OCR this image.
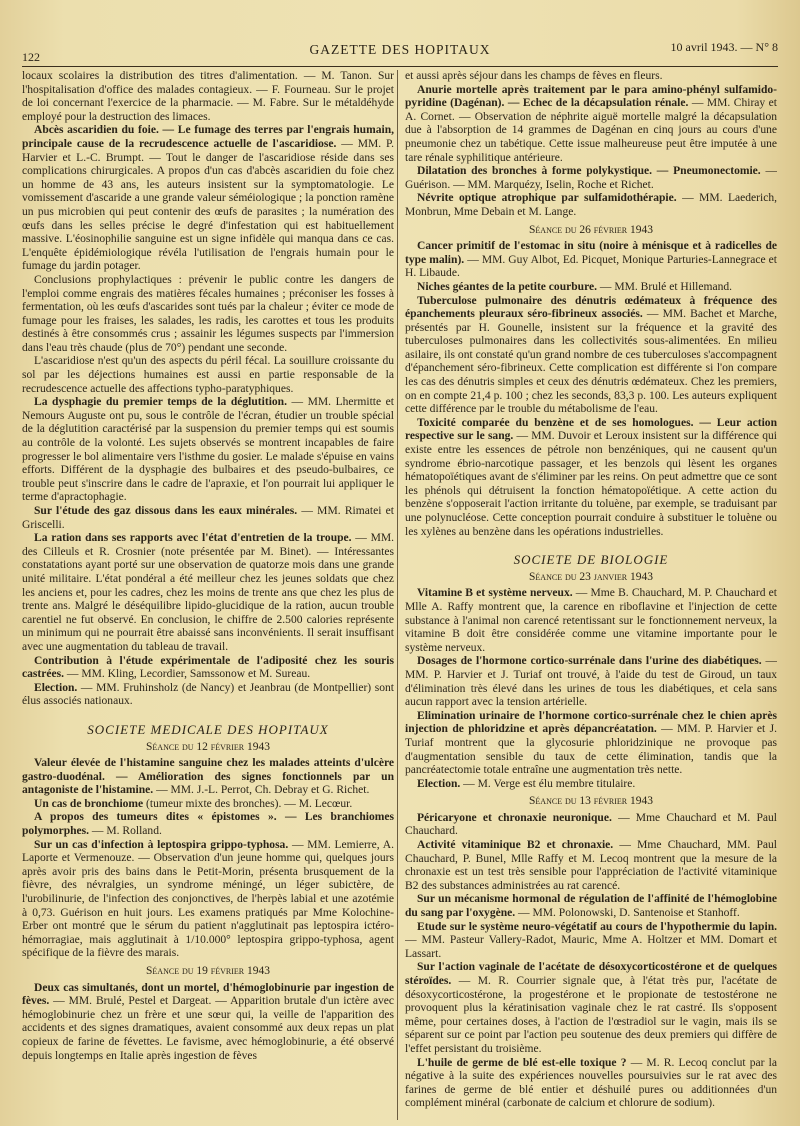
122	GAZETTE DES HOPITAUX	10 avril 1943. — N° 8

locaux scolaires la distribution des titres d'alimentation. — M. Tanon. Sur l'hospitalisation d'office des malades contagieux. — F. Fourneau. Sur le projet de loi concernant l'exercice de la pharmacie. — M. Fabre. Sur le métaldéhyde employé pour la destruction des limaces.

Abcès ascaridien du foie. — Le fumage des terres par l'engrais humain, principale cause de la recrudescence actuelle de l'ascaridiose. — MM. P. Harvier et L.-C. Brumpt. — Tout le danger de l'ascaridiose réside dans ses complications chirurgicales. A propos d'un cas d'abcès ascaridien du foie chez un homme de 43 ans, les auteurs insistent sur la symptomatologie. Le vomissement d'ascaride a une grande valeur séméiologique ; la ponction ramène un pus microbien qui peut contenir des œufs de parasites ; la numération des œufs dans les selles précise le degré d'infestation qui est habituellement massive. L'éosinophilie sanguine est un signe infidèle qui manqua dans ce cas. L'enquête épidémiologique révéla l'utilisation de l'engrais humain pour le fumage du jardin potager.

Conclusions prophylactiques : prévenir le public contre les dangers de l'emploi comme engrais des matières fécales humaines ; préconiser les fosses à fermentation, où les œufs d'ascarides sont tués par la chaleur ; éviter ce mode de fumage pour les fraises, les salades, les radis, les carottes et tous les produits destinés à être consommés crus ; assainir les légumes suspects par l'immersion dans l'eau très chaude (plus de 70°) pendant une seconde.

L'ascaridiose n'est qu'un des aspects du péril fécal. La souillure croissante du sol par les déjections humaines est aussi en partie responsable de la recrudescence actuelle des affections typho-paratyphiques.

La dysphagie du premier temps de la déglutition. — MM. Lhermitte et Nemours Auguste ont pu, sous le contrôle de l'écran, étudier un trouble spécial de la déglutition caractérisé par la suspension du premier temps qui est soumis au contrôle de la volonté. Les sujets observés se montrent incapables de faire progresser le bol alimentaire vers l'isthme du gosier. Le malade s'épuise en vains efforts. Différent de la dysphagie des bulbaires et des pseudo-bulbaires, ce trouble peut s'inscrire dans le cadre de l'apraxie, et l'on pourrait lui appliquer le terme d'apractophagie.

Sur l'étude des gaz dissous dans les eaux minérales. — MM. Rimatei et Griscelli.

La ration dans ses rapports avec l'état d'entretien de la troupe. — MM. des Cilleuls et R. Crosnier (note présentée par M. Binet). — Intéressantes constatations ayant porté sur une observation de quatorze mois dans une grande unité militaire. L'état pondéral a été meilleur chez les jeunes soldats que chez les anciens et, pour les cadres, chez les moins de trente ans que chez les plus de trente ans. Malgré le déséquilibre lipido-glucidique de la ration, aucun trouble carentiel ne fut observé. En conclusion, le chiffre de 2.500 calories représente un minimum qui ne pourrait être abaissé sans inconvénients. Il serait insuffisant avec une augmentation du tableau de travail.

Contribution à l'étude expérimentale de l'adiposité chez les souris castrées. — MM. Kling, Lecordier, Samssonow et M. Sureau.

Election. — MM. Fruhinsholz (de Nancy) et Jeanbrau (de Montpellier) sont élus associés nationaux.

SOCIETE MEDICALE DES HOPITAUX

Séance du 12 février 1943

Valeur élevée de l'histamine sanguine chez les malades atteints d'ulcère gastro-duodénal. — Amélioration des signes fonctionnels par un antagoniste de l'histamine. — MM. J.-L. Perrot, Ch. Debray et G. Richet.

Un cas de bronchiome (tumeur mixte des bronches). — M. Lecœur.

A propos des tumeurs dites « épistomes ». — Les branchiomes polymorphes. — M. Rolland.

Sur un cas d'infection à leptospira grippo-typhosa. — MM. Lemierre, A. Laporte et Vermenouze. — Observation d'un jeune homme qui, quelques jours après avoir pris des bains dans le Petit-Morin, présenta brusquement de la fièvre, des névralgies, un syndrome méningé, un léger subictère, de l'urobilinurie, de l'infection des conjonctives, de l'herpès labial et une azotémie à 0,73. Guérison en huit jours. Les examens pratiqués par Mme Kolochine-Erber ont montré que le sérum du patient n'agglutinait pas leptospira ictéro-hémorragiae, mais agglutinait à 1/10.000° leptospira grippo-typhosa, agent spécifique de la fièvre des marais.

Séance du 19 février 1943

Deux cas simultanés, dont un mortel, d'hémoglobinurie par ingestion de fèves. — MM. Brulé, Pestel et Dargeat. — Apparition brutale d'un ictère avec hémoglobinurie chez un frère et une sœur qui, la veille de l'apparition des accidents et des signes dramatiques, avaient consommé aux deux repas un plat copieux de farine de févettes. Le favisme, avec hémoglobinurie, a été observé depuis longtemps en Italie après ingestion de fèves

et aussi après séjour dans les champs de fèves en fleurs.

Anurie mortelle après traitement par le para amino-phényl sulfamido-pyridine (Dagénan). — Echec de la décapsulation rénale. — MM. Chiray et A. Cornet. — Observation de néphrite aiguë mortelle malgré la décapsulation due à l'absorption de 14 grammes de Dagénan en cinq jours au cours d'une pneumonie chez un tabétique. Cette issue malheureuse peut être imputée à une tare rénale syphilitique antérieure.

Dilatation des bronches à forme polykystique. — Pneumonectomie. — Guérison. — MM. Marquézy, Iselin, Roche et Richet.

Névrite optique atrophique par sulfamidothérapie. — MM. Laederich, Monbrun, Mme Debain et M. Lange.

Séance du 26 février 1943

Cancer primitif de l'estomac in situ (noire à ménisque et à radicelles de type malin). — MM. Guy Albot, Ed. Picquet, Monique Parturies-Lannegrace et H. Libaude.

Niches géantes de la petite courbure. — MM. Brulé et Hillemand.

Tuberculose pulmonaire des dénutris œdémateux à fréquence des épanchements pleuraux séro-fibrineux associés. — MM. Bachet et Marche, présentés par H. Gounelle, insistent sur la fréquence et la gravité des tuberculoses pulmonaires dans les collectivités sous-alimentées. En milieu asilaire, ils ont constaté qu'un grand nombre de ces tuberculoses s'accompagnent d'épanchement séro-fibrineux. Cette complication est différente si l'on compare les cas des dénutris simples et ceux des dénutris œdémateux. Chez les premiers, on en compte 21,4 p. 100 ; chez les seconds, 83,3 p. 100. Les auteurs expliquent cette différence par le trouble du métabolisme de l'eau.

Toxicité comparée du benzène et de ses homologues. — Leur action respective sur le sang. — MM. Duvoir et Leroux insistent sur la différence qui existe entre les essences de pétrole non benzéniques, qui ne causent qu'un syndrome ébrio-narcotique passager, et les benzols qui lèsent les organes hématopoïétiques avant de s'éliminer par les reins. On peut admettre que ce sont les phénols qui détruisent la fonction hématopoïétique. A cette action du benzène s'opposerait l'action irritante du toluène, par exemple, se traduisant par une polynucléose. Cette conception pourrait conduire à substituer le toluène ou les xylènes au benzène dans les opérations industrielles.

SOCIETE DE BIOLOGIE

Séance du 23 janvier 1943

Vitamine B et système nerveux. — Mme B. Chauchard, M. P. Chauchard et Mlle A. Raffy montrent que, la carence en riboflavine et l'injection de cette substance à l'animal non carencé retentissant sur le fonctionnement nerveux, la vitamine B doit être considérée comme une vitamine importante pour le système nerveux.

Dosages de l'hormone cortico-surrénale dans l'urine des diabétiques. — MM. P. Harvier et J. Turiaf ont trouvé, à l'aide du test de Giroud, un taux d'élimination très élevé dans les urines de tous les diabétiques, et cela sans aucun rapport avec la tension artérielle.

Elimination urinaire de l'hormone cortico-surrénale chez le chien après injection de phloridzine et après dépancréatation. — MM. P. Harvier et J. Turiaf montrent que la glycosurie phloridzinique ne provoque pas d'augmentation sensible du taux de cette élimination, tandis que la pancréatectomie totale entraîne une augmentation très nette.

Election. — M. Verge est élu membre titulaire.

Séance du 13 février 1943

Péricaryone et chronaxie neuronique. — Mme Chauchard et M. Paul Chauchard.

Activité vitaminique B2 et chronaxie. — Mme Chauchard, MM. Paul Chauchard, P. Bunel, Mlle Raffy et M. Lecoq montrent que la mesure de la chronaxie est un test très sensible pour l'appréciation de l'activité vitaminique B2 des substances administrées au rat carencé.

Sur un mécanisme hormonal de régulation de l'affinité de l'hémoglobine du sang par l'oxygène. — MM. Polonowski, D. Santenoise et Stanhoff.

Etude sur le système neuro-végétatif au cours de l'hypothermie du lapin. — MM. Pasteur Vallery-Radot, Mauric, Mme A. Holtzer et MM. Domart et Lassart.

Sur l'action vaginale de l'acétate de désoxycorticostérone et de quelques stéroïdes. — M. R. Courrier signale que, à l'état très pur, l'acétate de désoxycorticostérone, la progestérone et le propionate de testostérone ne provoquent plus la kératinisation vaginale chez le rat castré. Ils s'opposent même, pour certaines doses, à l'action de l'œstradiol sur le vagin, mais ils se séparent sur ce point par l'action peu soutenue des deux premiers qui diffère de l'effet persistant du troisième.

L'huile de germe de blé est-elle toxique ? — M. R. Lecoq conclut par la négative à la suite des expériences nouvelles poursuivies sur le rat avec des farines de germe de blé entier et déshuilé pures ou additionnées d'un complément minéral (carbonate de calcium et chlorure de sodium).
